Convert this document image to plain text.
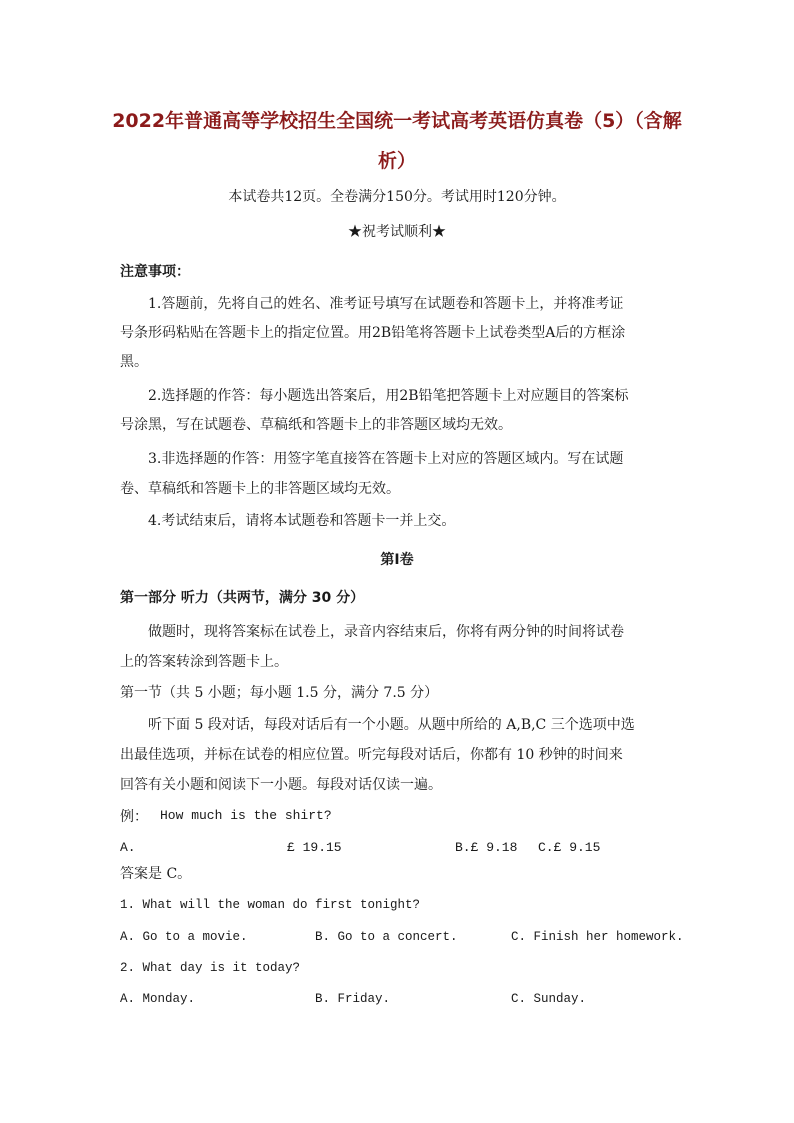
2022年普通高等学校招生全国统一考试高考英语仿真卷（5）（含解
析）
本试卷共12页。全卷满分150分。考试用时120分钟。
★祝考试顺利★
注意事项：
1.答题前，先将自己的姓名、准考证号填写在试题卷和答题卡上，并将准考证
号条形码粘贴在答题卡上的指定位置。用2B铅笔将答题卡上试卷类型A后的方框涂
黑。
2.选择题的作答：每小题选出答案后，用2B铅笔把答题卡上对应题目的答案标
号涂黑，写在试题卷、草稿纸和答题卡上的非答题区域均无效。
3.非选择题的作答：用签字笔直接答在答题卡上对应的答题区域内。写在试题
卷、草稿纸和答题卡上的非答题区域均无效。
4.考试结束后，请将本试题卷和答题卡一并上交。
第Ⅰ卷
第一部分 听力（共两节，满分 30 分）
做题时，现将答案标在试卷上，录音内容结束后，你将有两分钟的时间将试卷
上的答案转涂到答题卡上。
第一节（共 5 小题；每小题 1.5 分，满分 7.5 分）
听下面 5 段对话，每段对话后有一个小题。从题中所给的 A,B,C 三个选项中选
出最佳选项，并标在试卷的相应位置。听完每段对话后，你都有 10 秒钟的时间来
回答有关小题和阅读下一小题。每段对话仅读一遍。
例： How much is the shirt?
A.	£ 19.15	B.£ 9.18 C.£ 9.15
答案是 C。
1. What will the woman do first tonight?
A. Go to a movie.	B. Go to a concert.	C. Finish her homework.
2. What day is it today?
A. Monday.	B. Friday.	C. Sunday.
